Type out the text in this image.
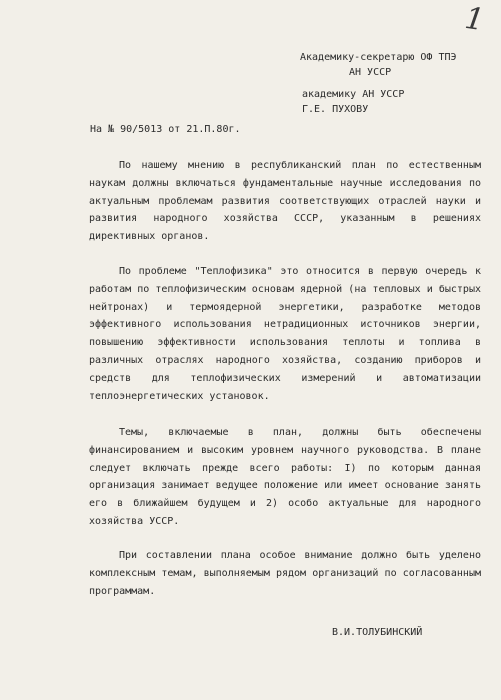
1
Академику-секретарю ОФ ТПЭ
АН УССР
академику АН УССР
Г.Е. ПУХОВУ
На № 90/5013 от 21.П.80г.

По нашему мнению в республиканский план по естественным наукам должны включаться фундаментальные научные исследования по актуальным проблемам развития соответствующих отраслей науки и развития народного хозяйства СССР, указанным в решениях директивных органов.

По проблеме "Теплофизика" это относится в первую очередь к работам по теплофизическим основам ядерной (на тепловых и быстрых нейтронах) и термоядерной энергетики, разработке методов эффективного использования нетрадиционных источников энергии, повышению эффективности использования теплоты и топлива в различных отраслях народного хозяйства, созданию приборов и средств для теплофизических измерений и автоматизации теплоэнергетических установок.

Темы, включаемые в план, должны быть обеспечены финансированием и высоким уровнем научного руководства. В плане следует включать прежде всего работы: I) по которым данная организация занимает ведущее положение или имеет основание занять его в ближайшем будущем и 2) особо актуальные для народного хозяйства УССР.

При составлении плана особое внимание должно быть уделено комплексным темам, выполняемым рядом организаций по согласованным программам.

В.И.ТОЛУБИНСКИЙ
